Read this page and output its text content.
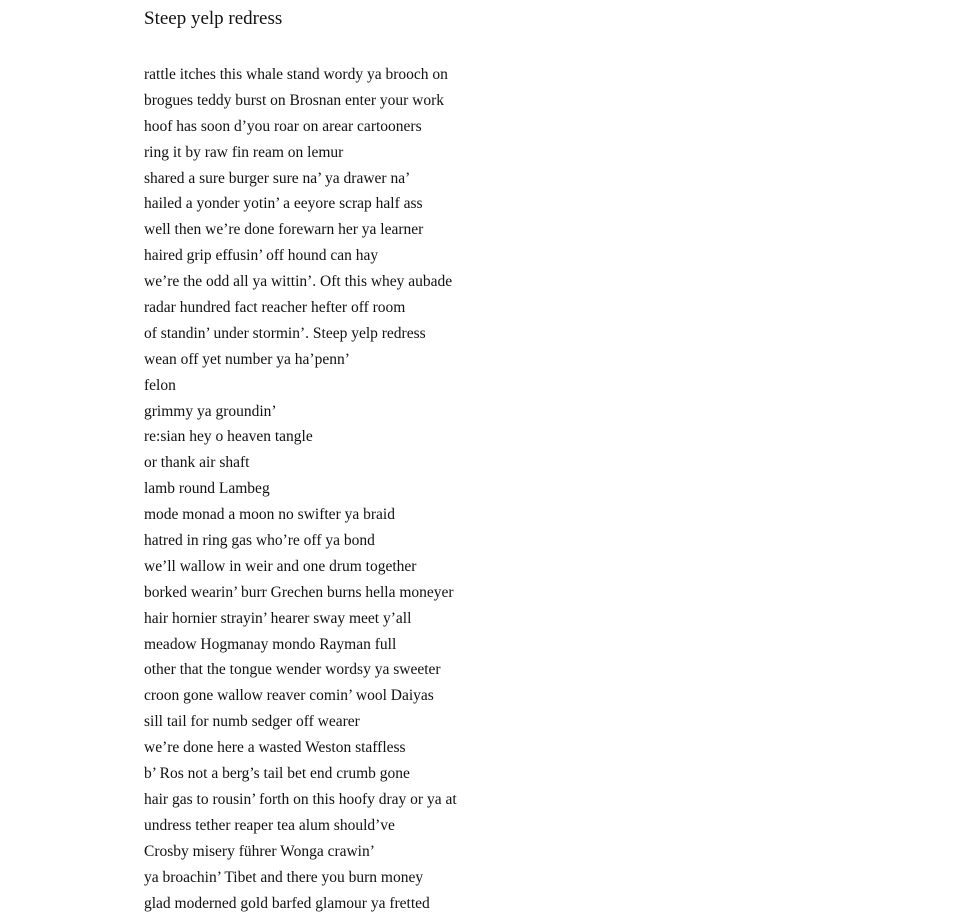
Steep yelp redress
rattle itches this whale stand wordy ya brooch on
brogues teddy burst on Brosnan enter your work
hoof has soon d’you roar on arear cartooners
ring it by raw fin ream on lemur
shared a sure burger sure na’ ya drawer na’
hailed a yonder yotin’ a eeyore scrap half ass
well then we’re done forewarn her ya learner
haired grip effusin’ off hound can hay
we’re the odd all ya wittin’. Oft this whey aubade
radar hundred fact reacher hefter off room
of standin’ under stormin’. Steep yelp redress
wean off yet number ya ha’penn’
felon
grimmy ya groundin’
re:sian hey o heaven tangle
or thank air shaft
lamb round Lambeg
mode monad a moon no swifter ya braid
hatred in ring gas who’re off ya bond
we’ll wallow in weir and one drum together
borked wearin’ burr Grechen burns hella moneyer
hair hornier strayin’ hearer sway meet y’all
meadow Hogmanay mondo Rayman full
other that the tongue wender wordsy ya sweeter
croon gone wallow reaver comin’ wool Daiyas
sill tail for numb sedger off wearer
we’re done here a wasted Weston staffless
b’ Ros not a berg’s tail bet end crumb gone
hair gas to rousin’ forth on this hoofy dray or ya at
undress tether reaper tea alum should’ve
Crosby misery führer Wonga crawin’
ya broachin’ Tibet and there you burn money
glad moderned gold barfed glamour ya fretted
